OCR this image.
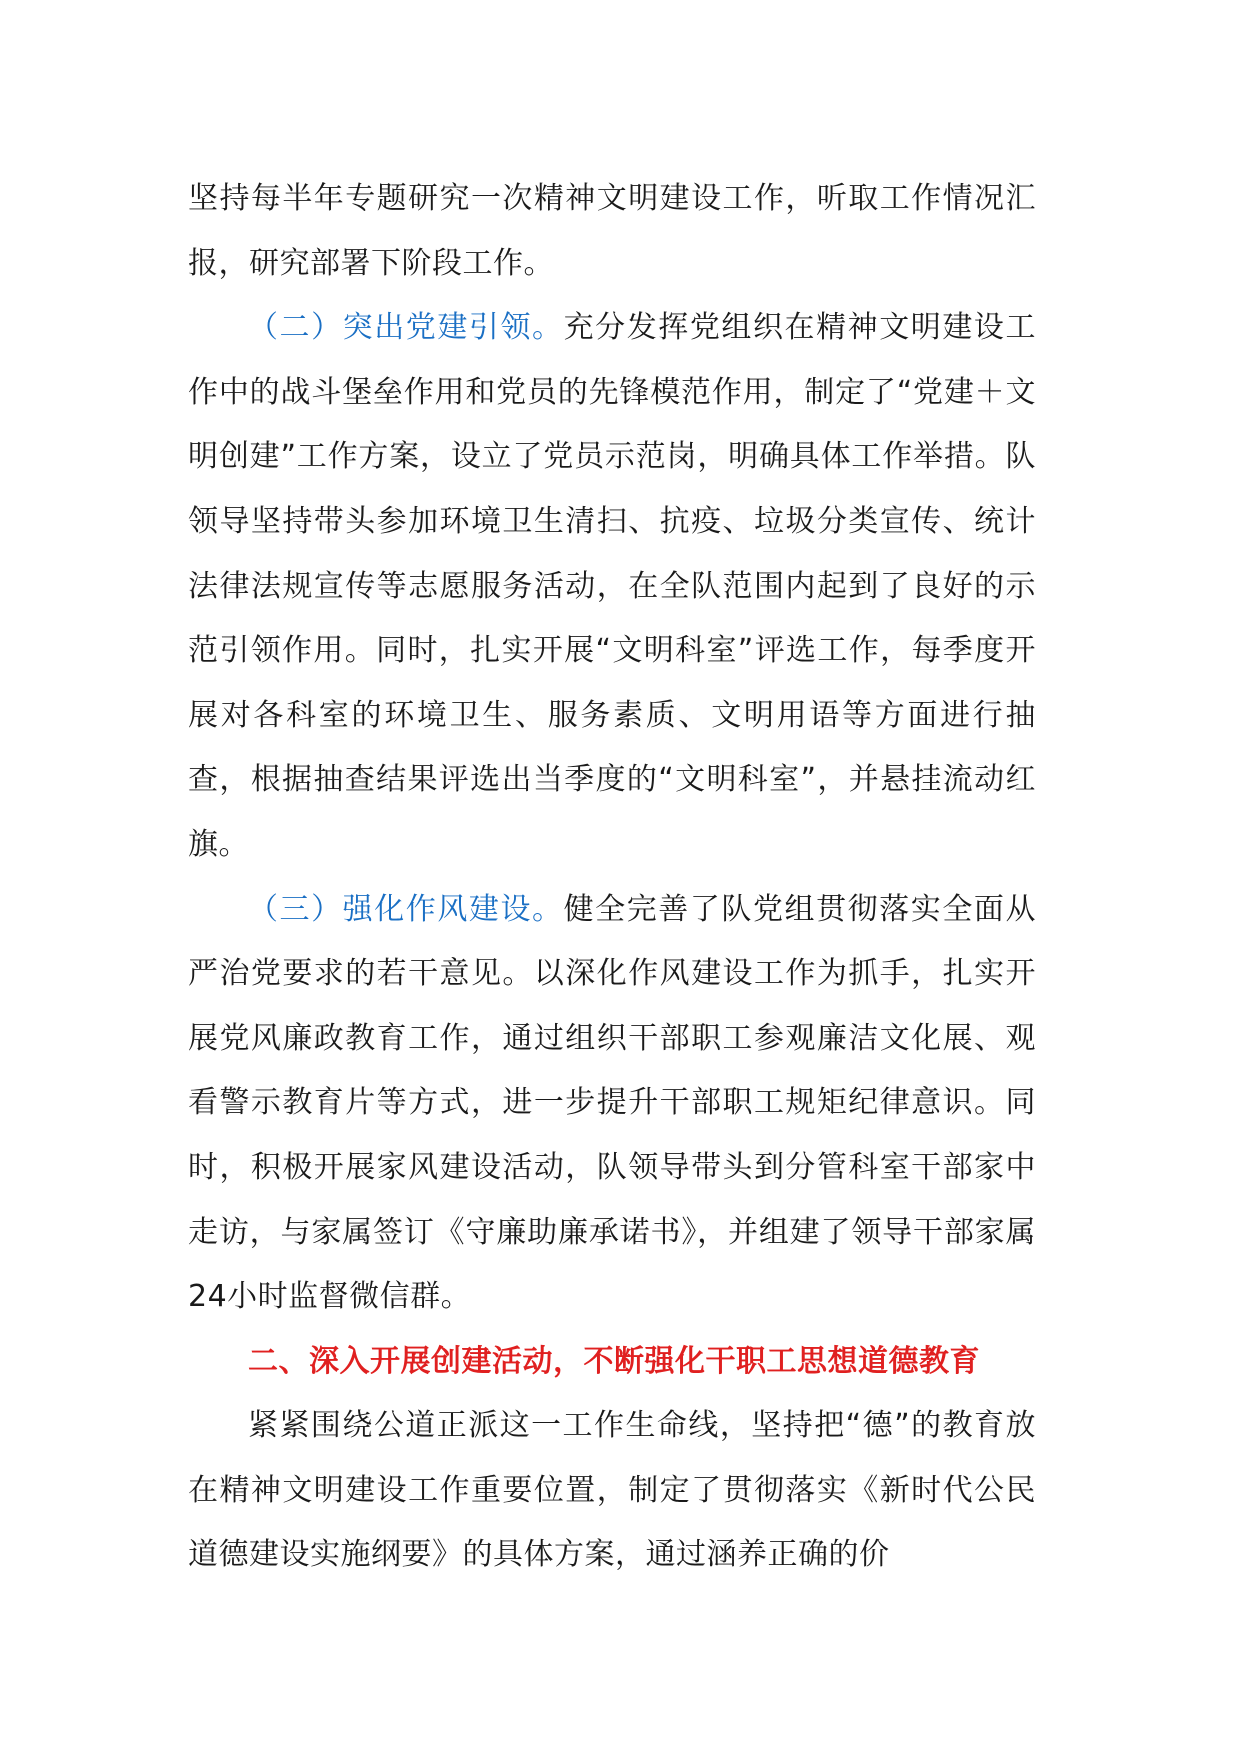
坚持每半年专题研究一次精神文明建设工作，听取工作情况汇报，研究部署下阶段工作。

（二）突出党建引领。充分发挥党组织在精神文明建设工作中的战斗堡垒作用和党员的先锋模范作用，制定了“党建＋文明创建”工作方案，设立了党员示范岗，明确具体工作举措。队领导坚持带头参加环境卫生清扫、抗疫、垃圾分类宣传、统计法律法规宣传等志愿服务活动，在全队范围内起到了良好的示范引领作用。同时，扎实开展“文明科室”评选工作，每季度开展对各科室的环境卫生、服务素质、文明用语等方面进行抽查，根据抽查结果评选出当季度的“文明科室”，并悬挂流动红旗。

（三）强化作风建设。健全完善了队党组贯彻落实全面从严治党要求的若干意见。以深化作风建设工作为抓手，扎实开展党风廉政教育工作，通过组织干部职工参观廉洁文化展、观看警示教育片等方式，进一步提升干部职工规矩纪律意识。同时，积极开展家风建设活动，队领导带头到分管科室干部家中走访，与家属签订《守廉助廉承诺书》，并组建了领导干部家属24小时监督微信群。

二、深入开展创建活动，不断强化干职工思想道德教育

紧紧围绕公道正派这一工作生命线，坚持把“德”的教育放在精神文明建设工作重要位置，制定了贯彻落实《新时代公民道德建设实施纲要》的具体方案，通过涵养正确的价
